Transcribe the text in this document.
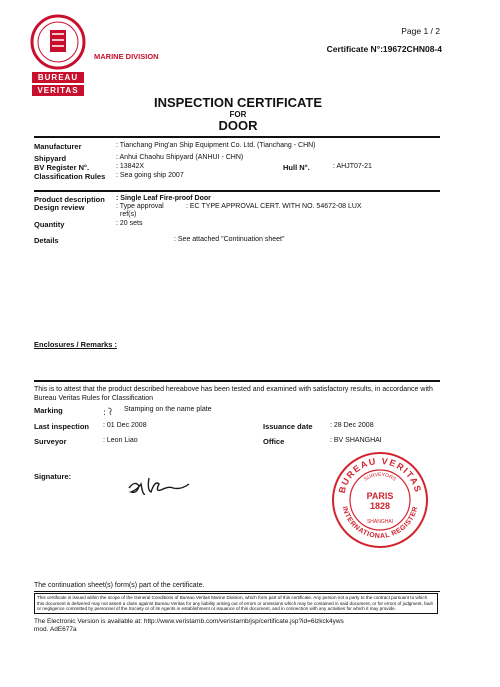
BUREAU
VERITAS
MARINE DIVISION
Page 1 / 2
Certificate N°:19672CHN08-4
INSPECTION CERTIFICATE
FOR
DOOR
Manufacturer	: Tianchang Ping'an Ship Equipment Co. Ltd. (Tianchang - CHN)
Shipyard	: Anhui Chaohu Shipyard (ANHUI - CHN)
BV Register N°.	: 13842X	Hull N°.	: AHJT07-21
Classification Rules : Sea going ship 2007
Product description : Single Leaf Fire-proof Door
Design review	: Type approval
ref(s)
: EC TYPE APPROVAL CERT. WITH NO. 54672-08 LUX
Quantity	: 20 sets
Details	: See attached "Continuation sheet"
Enclosures / Remarks :
This is to attest that the product described hereabove has been tested and examined with satisfactory results, in accordance with Bureau Veritas Rules for Classification
Marking	:	Stamping on the name plate
Last inspection : 01 Dec 2008	Issuance date : 28 Dec 2008
Surveyor	: Leon Liao	Office	: BV SHANGHAI
Signature:
BUREAU VERITAS
INTERNATIONAL REGISTER
SURVEYORS
PARIS
1828
SHANGHAI
The continuation sheet(s) form(s) part of the certificate.
This certificate is issued within the scope of the General Conditions of Bureau Veritas Marine Division, which form part of this certificate. Any person not a party to the contract pursuant to which this document is delivered may not assert a claim against Bureau Veritas for any liability arising out of errors or omissions which may be contained in said document, or for errors of judgment, fault or negligence committed by personnel of the Society or of its Agents in establishment or issuance of this document, and in connection with any activities for which it may provide.
The Electronic Version is available at: http://www.veristarnb.com/veristarnb/jsp/certificate.jsp?id=6lzkck4yws
mod. AdE677a
